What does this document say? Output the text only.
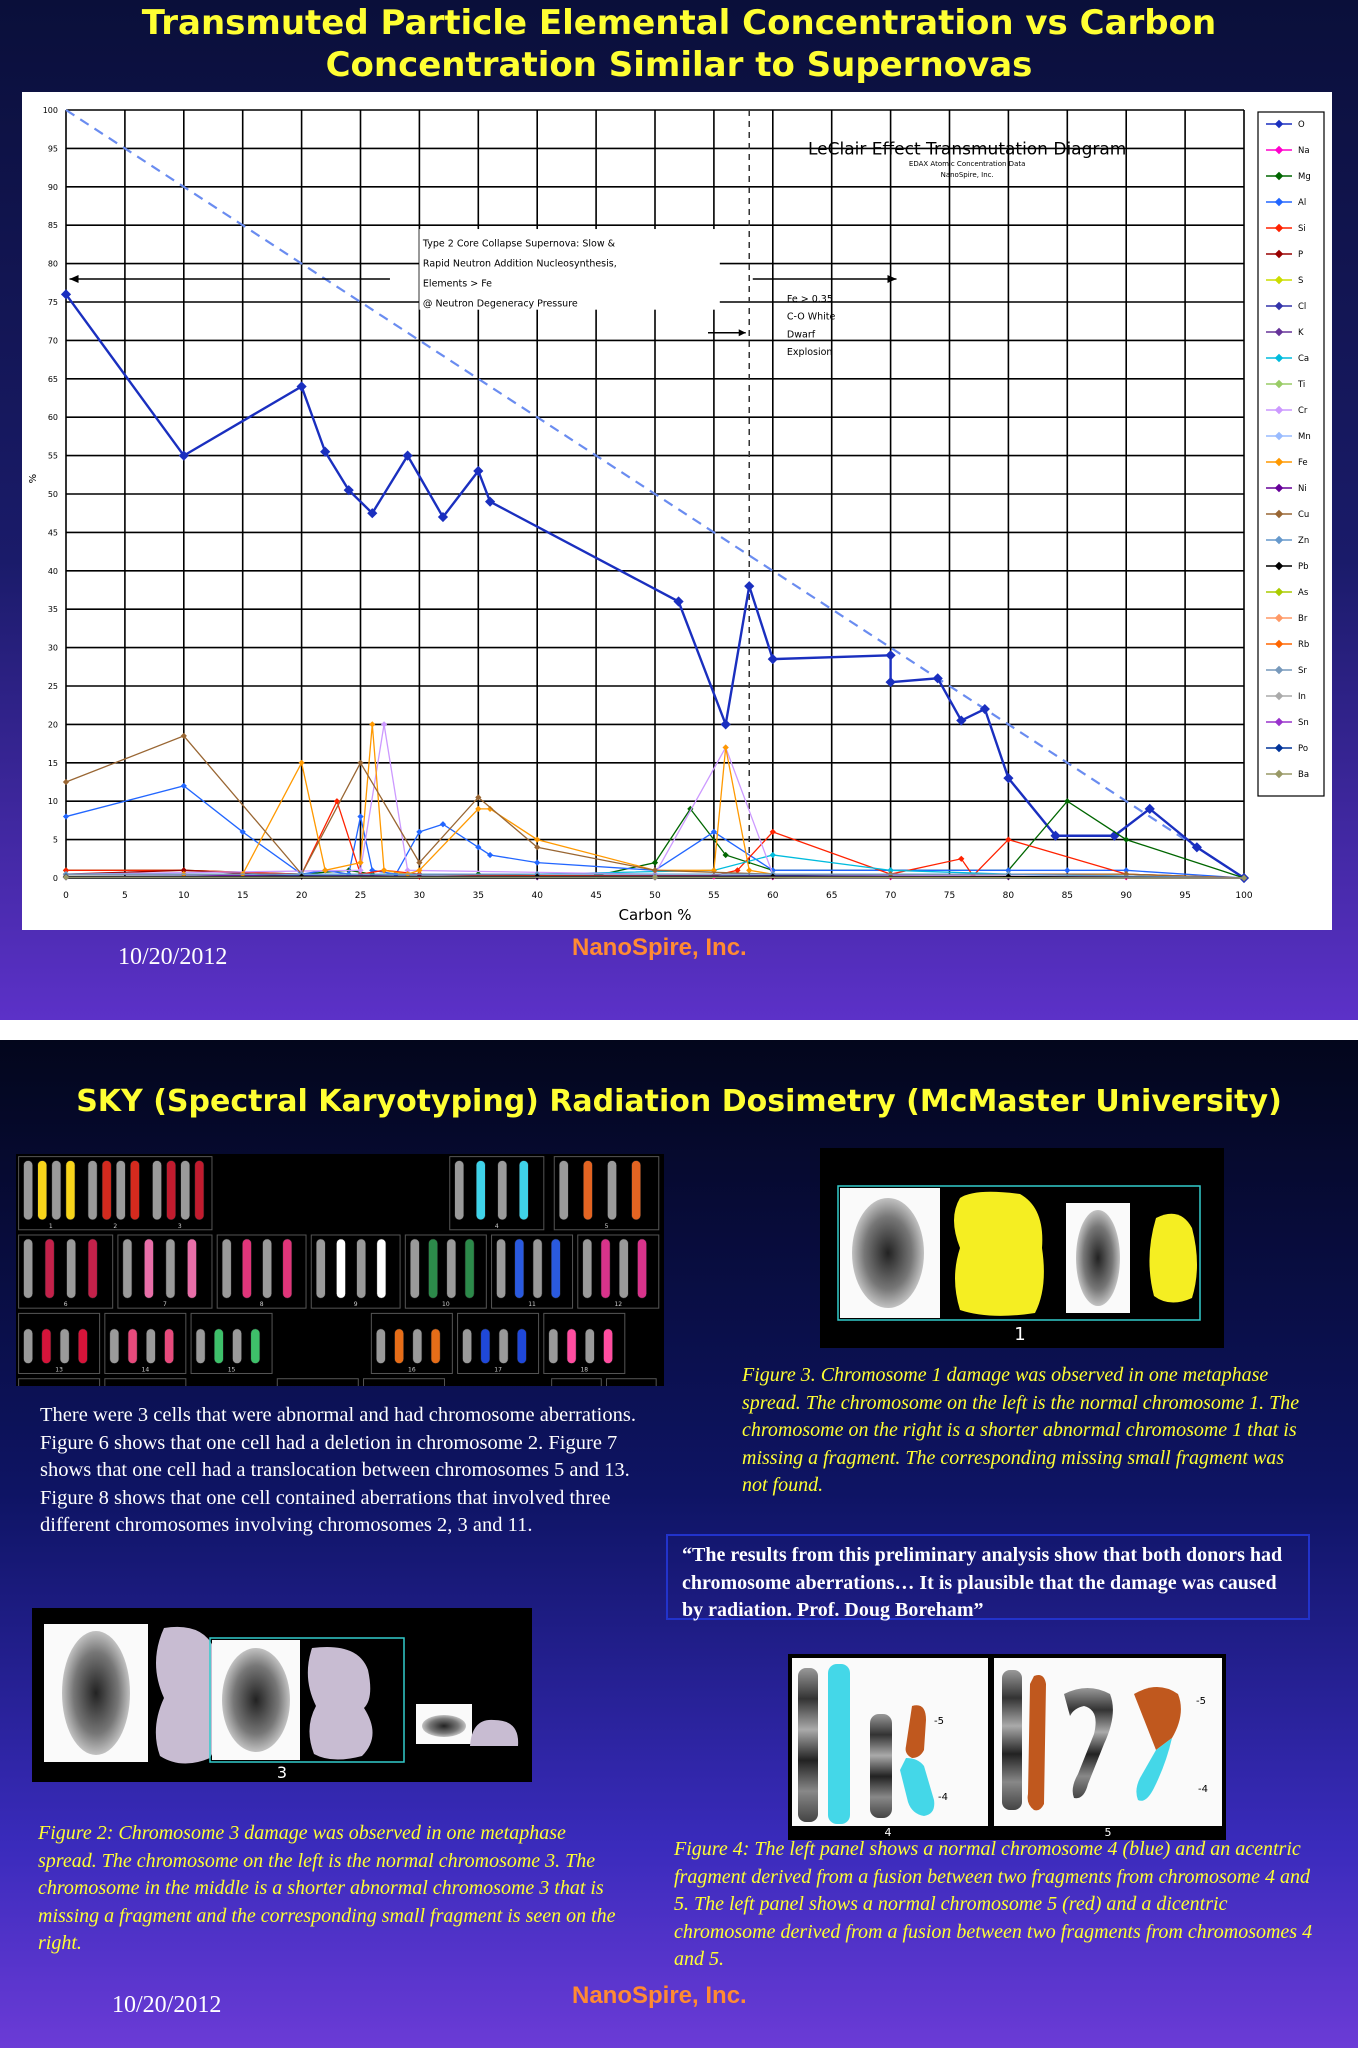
Transmuted Particle Elemental Concentration vs Carbon
Concentration Similar to Supernovas
O
Na
Mg
Al
Si
P
S
Cl
K
Ca
Ti
Cr
Mn
Fe
Ni
Cu
Zn
Pb
As
Br
Rb
Sr
In
Sn
Po
Ba
0	5	10	15	20	25	30	35	40	45	50	55	60	65	70	75	80	85	90	95	100
0
5
10
15
20
25
30
35
40
45
50
55
60
65
70
75
80
85
90
95
100
Carbon %
%
LeClair Effect Transmutation Diagram
EDAX Atomic Concentration Data
NanoSpire, Inc.
Type 2 Core Collapse Supernova: Slow &
Rapid Neutron Addition Nucleosynthesis,
Elements > Fe
@ Neutron Degeneracy Pressure	Fe > 0.35
C-O White
Dwarf
Explosion
10/20/2012	NanoSpire, Inc.
SKY (Spectral Karyotyping) Radiation Dosimetry (McMaster University)
1	2	3	4	5
6	7	8	9	10	11	12
13	14	15	16	17	18
There were 3 cells that were abnormal and had chromosome aberrations. Figure 6 shows that one cell had a deletion in chromosome 2. Figure 7 shows that one cell had a translocation between chromosomes 5 and 13. Figure 8 shows that one cell contained aberrations that involved three different chromosomes involving chromosomes 2, 3 and 11.
1
Figure 3. Chromosome 1 damage was observed in one metaphase spread. The chromosome on the left is the normal chromosome 1. The chromosome on the right is a shorter abnormal chromosome 1 that is missing a fragment. The corresponding missing small fragment was not found.
“The results from this preliminary analysis show that both donors had chromosome aberrations… It is plausible that the damage was caused by radiation. Prof. Doug Boreham”
3
Figure 2: Chromosome 3 damage was observed in one metaphase spread. The chromosome on the left is the normal chromosome 3. The chromosome in the middle is a shorter abnormal chromosome 3 that is missing a fragment and the corresponding small fragment is seen on the right.
-5
-4
4
-5
-4
5
Figure 4: The left panel shows a normal chromosome 4 (blue) and an acentric fragment derived from a fusion between two fragments from chromosome 4 and 5. The left panel shows a normal chromosome 5 (red) and a dicentric chromosome derived from a fusion between two fragments from chromosomes 4 and 5.
10/20/2012	NanoSpire, Inc.
